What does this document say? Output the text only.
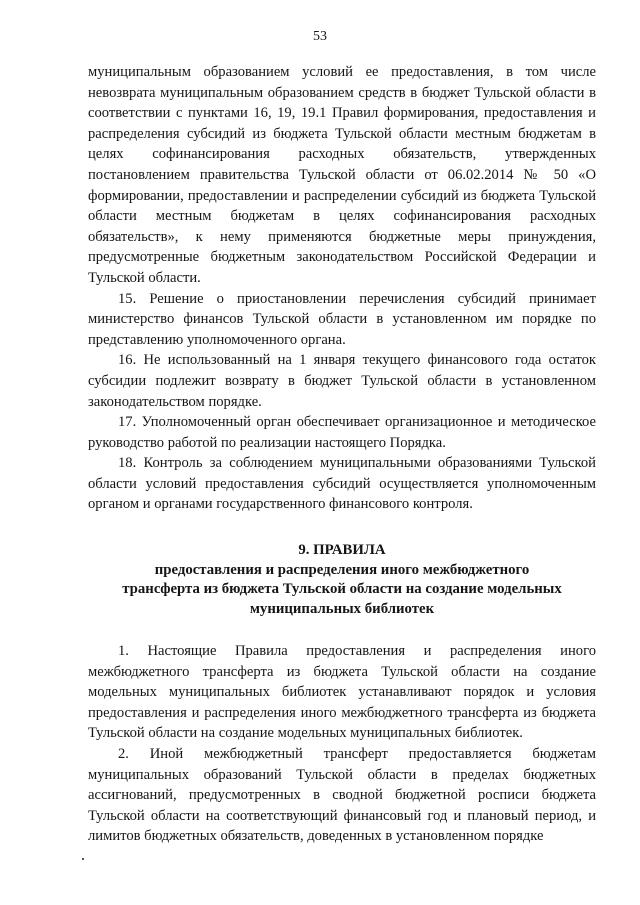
53

муниципальным образованием условий ее предоставления, в том числе невозврата муниципальным образованием средств в бюджет Тульской области в соответствии с пунктами 16, 19, 19.1 Правил формирования, предоставления и распределения субсидий из бюджета Тульской области местным бюджетам в целях софинансирования расходных обязательств, утвержденных постановлением правительства Тульской области от 06.02.2014 № 50 «О формировании, предоставлении и распределении субсидий из бюджета Тульской области местным бюджетам в целях софинансирования расходных обязательств», к нему применяются бюджетные меры принуждения, предусмотренные бюджетным законодательством Российской Федерации и Тульской области.

15. Решение о приостановлении перечисления субсидий принимает министерство финансов Тульской области в установленном им порядке по представлению уполномоченного органа.

16. Не использованный на 1 января текущего финансового года остаток субсидии подлежит возврату в бюджет Тульской области в установленном законодательством порядке.

17. Уполномоченный орган обеспечивает организационное и методическое руководство работой по реализации настоящего Порядка.

18. Контроль за соблюдением муниципальными образованиями Тульской области условий предоставления субсидий осуществляется уполномоченным органом и органами государственного финансового контроля.

9. ПРАВИЛА
предоставления и распределения иного межбюджетного
трансферта из бюджета Тульской области на создание модельных
муниципальных библиотек

1. Настоящие Правила предоставления и распределения иного межбюджетного трансферта из бюджета Тульской области на создание модельных муниципальных библиотек устанавливают порядок и условия предоставления и распределения иного межбюджетного трансферта из бюджета Тульской области на создание модельных муниципальных библиотек.

2. Иной межбюджетный трансферт предоставляется бюджетам муниципальных образований Тульской области в пределах бюджетных ассигнований, предусмотренных в сводной бюджетной росписи бюджета Тульской области на соответствующий финансовый год и плановый период, и лимитов бюджетных обязательств, доведенных в установленном порядке
